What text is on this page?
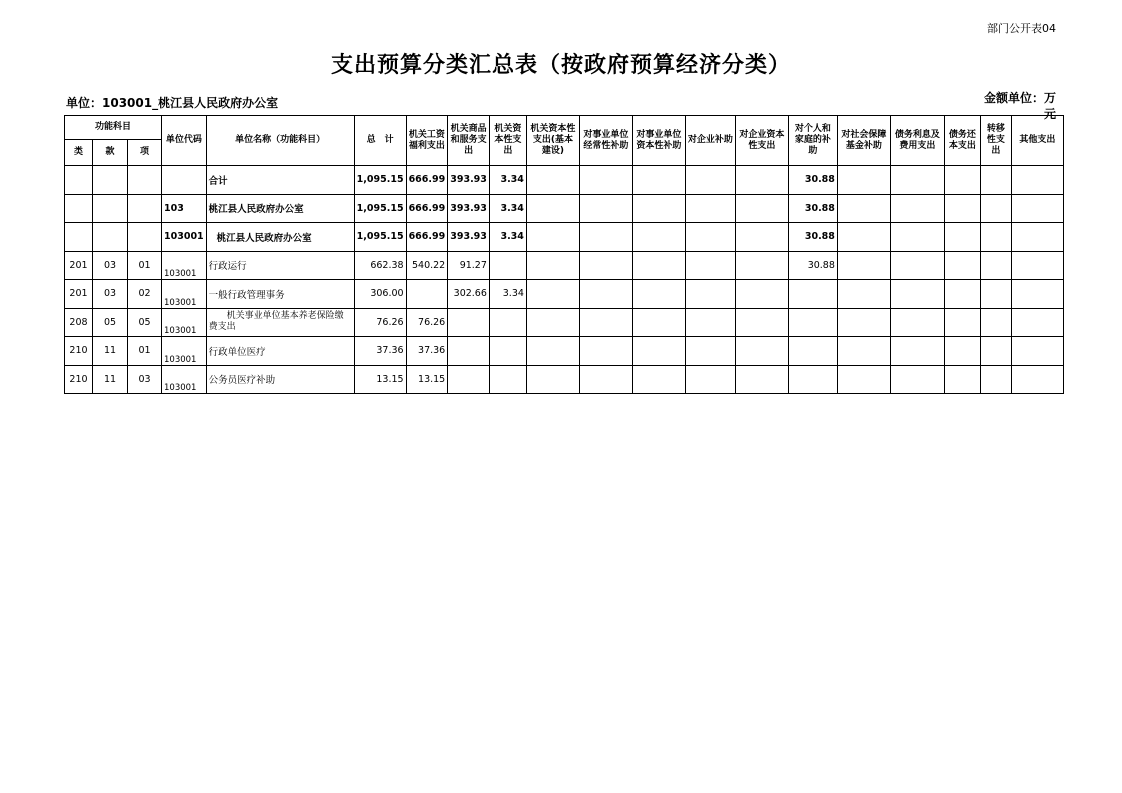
部门公开表04
支出预算分类汇总表（按政府预算经济分类）
单位：103001_桃江县人民政府办公室	金额单位：万元
功能科目			单位代码	单位名称（功能科目）	总　计	机关工资福利支出	机关商品和服务支出	机关资本性支出	机关资本性支出(基本建设)	对事业单位经常性补助	对事业单位资本性补助	对企业补助	对企业资本性支出	对个人和家庭的补助	对社会保障基金补助	债务利息及费用支出	债务还本支出	转移性支出	其他支出
类	款	项																	
				合计	1,095.15	666.99	393.93	3.34						30.88					
			103	桃江县人民政府办公室	1,095.15	666.99	393.93	3.34						30.88					
			103001	桃江县人民政府办公室	1,095.15	666.99	393.93	3.34						30.88					
201	03	01	103001	行政运行	662.38	540.22	91.27							30.88					
201	03	02	103001	一般行政管理事务	306.00		302.66	3.34											
208	05	05	103001	机关事业单位基本养老保险缴费支出	76.26	76.26													
210	11	01	103001	行政单位医疗	37.36	37.36													
210	11	03	103001	公务员医疗补助	13.15	13.15													
